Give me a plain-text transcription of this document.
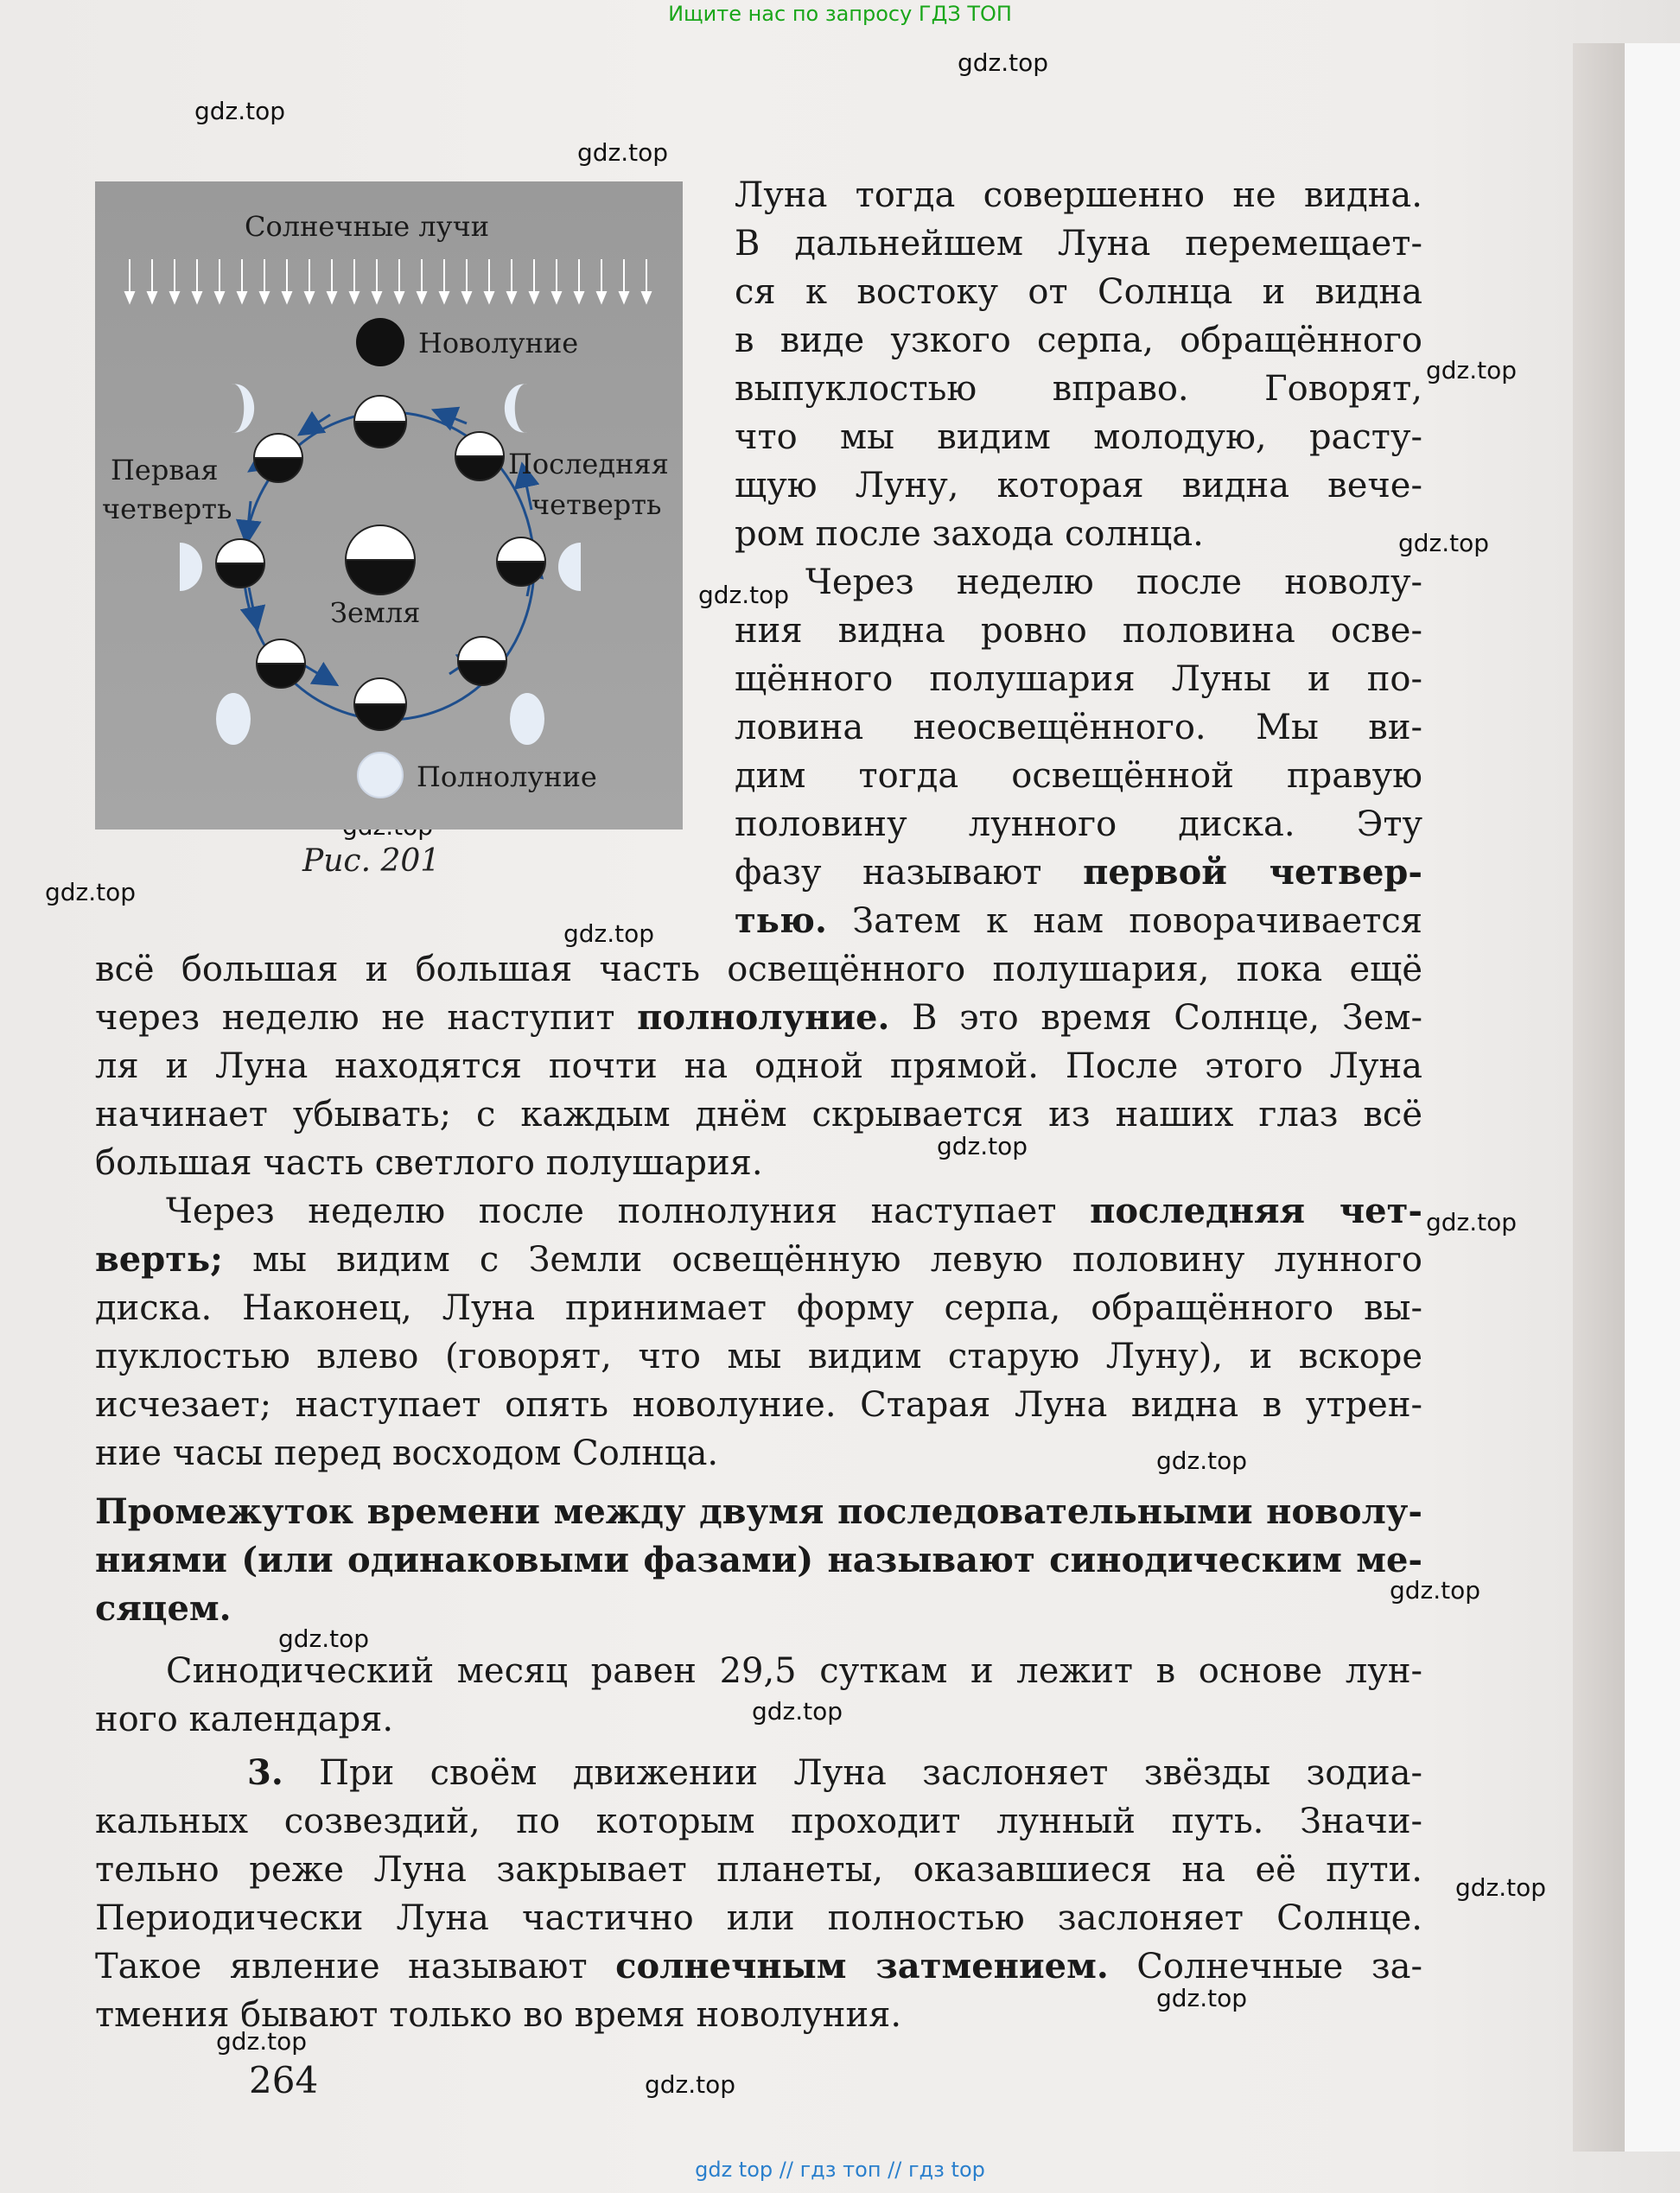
Ищите нас по запросу ГДЗ ТОП
gdz.top
gdz.top
gdz.top
gdz.top
gdz.top
gdz.top
gdz.top
gdz.top
gdz.top
gdz.top
gdz.top
gdz.top
gdz.top
gdz.top
gdz.top
gdz.top
gdz.top
gdz.top
Солнечные лучи
Земля
Новолуние
Полнолуние
Первая
четверть
Последняя
четверть
Рис. 201
Луна тогда совершенно не видна.
В дальнейшем Луна перемещает-
ся к востоку от Солнца и видна
в виде узкого серпа, обращённого
выпуклостью вправо. Говорят,
что мы видим молодую, расту-
щую Луну, которая видна вече-
ром после захода солнца.
Через неделю после новолу-
ния видна ровно половина осве-
щённого полушария Луны и по-
ловина неосвещённого. Мы ви-
дим тогда освещённой правую
половину лунного диска. Эту
фазу называют первой четвер-
тью. Затем к нам поворачивается
всё большая и большая часть освещённого полушария, пока ещё
через неделю не наступит полнолуние. В это время Солнце, Зем-
ля и Луна находятся почти на одной прямой. После этого Луна
начинает убывать; с каждым днём скрывается из наших глаз всё
большая часть светлого полушария.
Через неделю после полнолуния наступает последняя чет-
верть; мы видим с Земли освещённую левую половину лунного
диска. Наконец, Луна принимает форму серпа, обращённого вы-
пуклостью влево (говорят, что мы видим старую Луну), и вскоре
исчезает; наступает опять новолуние. Старая Луна видна в утрен-
ние часы перед восходом Солнца.
Промежуток времени между двумя последовательными новолу-
ниями (или одинаковыми фазами) называют синодическим ме-
сяцем.
Синодический месяц равен 29,5 суткам и лежит в основе лун-
ного календаря.
3. При своём движении Луна заслоняет звёзды зодиа-
кальных созвездий, по которым проходит лунный путь. Значи-
тельно реже Луна закрывает планеты, оказавшиеся на её пути.
Периодически Луна частично или полностью заслоняет Солнце.
Такое явление называют солнечным затмением. Солнечные за-
тмения бывают только во время новолуния.
264
gdz top // гдз топ // гдз top
